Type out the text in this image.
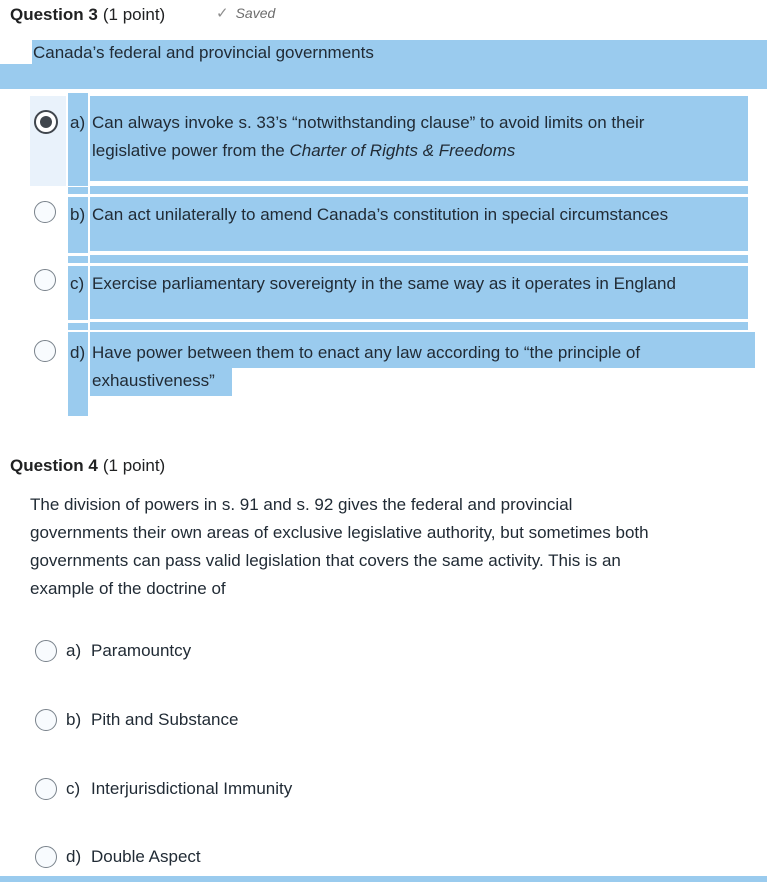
Question 3 (1 point)	✓ Saved
Canada’s federal and provincial governments
a) Can always invoke s. 33’s “notwithstanding clause” to avoid limits on their
legislative power from the Charter of Rights & Freedoms
b) Can act unilaterally to amend Canada’s constitution in special circumstances
c) Exercise parliamentary sovereignty in the same way as it operates in England
d) Have power between them to enact any law according to “the principle of
exhaustiveness”
Question 4 (1 point)
The division of powers in s. 91 and s. 92 gives the federal and provincial
governments their own areas of exclusive legislative authority, but sometimes both
governments can pass valid legislation that covers the same activity. This is an
example of the doctrine of
a) Paramountcy
b) Pith and Substance
c) Interjurisdictional Immunity
d) Double Aspect
